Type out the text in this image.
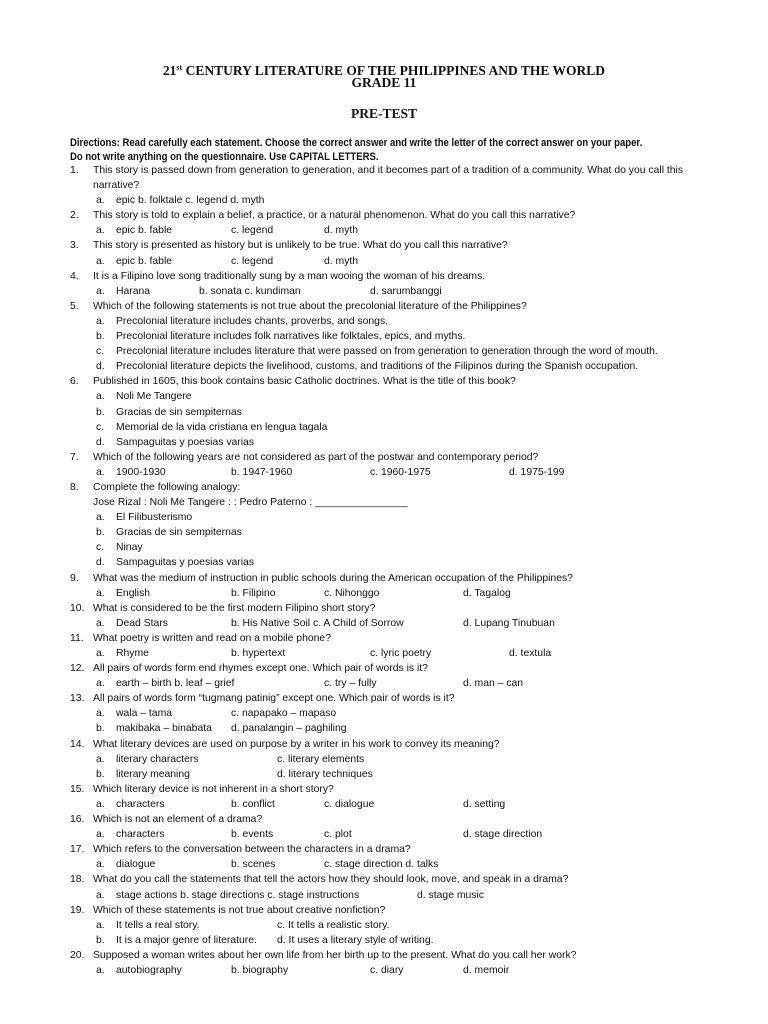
21st CENTURY LITERATURE OF THE PHILIPPINES AND THE WORLD
GRADE 11
PRE-TEST
Directions: Read carefully each statement. Choose the correct answer and write the letter of the correct answer on your paper.
Do not write anything on the questionnaire. Use CAPITAL LETTERS.
1. This story is passed down from generation to generation, and it becomes part of a tradition of a community. What do you call this
narrative?
a. epic b. folktale c. legend d. myth
2. This story is told to explain a belief, a practice, or a natural phenomenon. What do you call this narrative?
a. epic b. fable	c. legend	d. myth
3. This story is presented as history but is unlikely to be true. What do you call this narrative?
a. epic b. fable	c. legend	d. myth
4. It is a Filipino love song traditionally sung by a man wooing the woman of his dreams.
a. Harana	b. sonata c. kundiman	d. sarumbanggi
5. Which of the following statements is not true about the precolonial literature of the Philippines?
a. Precolonial literature includes chants, proverbs, and songs.
b. Precolonial literature includes folk narratives like folktales, epics, and myths.
c. Precolonial literature includes literature that were passed on from generation to generation through the word of mouth.
d. Precolonial literature depicts the livelihood, customs, and traditions of the Filipinos during the Spanish occupation.
6. Published in 1605, this book contains basic Catholic doctrines. What is the title of this book?
a. Noli Me Tangere
b. Gracias de sin sempiternas
c. Memorial de la vida cristiana en lengua tagala
d. Sampaguitas y poesias varias
7. Which of the following years are not considered as part of the postwar and contemporary period?
a. 1900-1930	b. 1947-1960	c. 1960-1975	d. 1975-199
8. Complete the following analogy:
Jose Rizal : Noli Me Tangere : : Pedro Paterno : ________________
a. El Filibusterismo
b. Gracias de sin sempiternas
c. Ninay
d. Sampaguitas y poesias varias
9. What was the medium of instruction in public schools during the American occupation of the Philippines?
a. English	b. Filipino	c. Nihonggo	d. Tagalog
10. What is considered to be the first modern Filipino short story?
a. Dead Stars	b. His Native Soil c. A Child of Sorrow	d. Lupang Tinubuan
11. What poetry is written and read on a mobile phone?
a. Rhyme	b. hypertext	c. lyric poetry	d. textula
12. All pairs of words form end rhymes except one. Which pair of words is it?
a. earth – birth b. leaf – grief	c. try – fully	d. man – can
13. All pairs of words form “tugmang patinig” except one. Which pair of words is it?
a. wala – tama	c. napapako – mapaso
b. makibaka – binabata d. panalangin – paghiling
14. What literary devices are used on purpose by a writer in his work to convey its meaning?
a. literary characters	c. literary elements
b. literary meaning	d. literary techniques
15. Which literary device is not inherent in a short story?
a. characters	b. conflict	c. dialogue	d. setting
16. Which is not an element of a drama?
a. characters	b. events	c. plot	d. stage direction
17. Which refers to the conversation between the characters in a drama?
a. dialogue	b. scenes	c. stage direction d. talks
18. What do you call the statements that tell the actors how they should look, move, and speak in a drama?
a. stage actions b. stage directions c. stage instructions	d. stage music
19. Which of these statements is not true about creative nonfiction?
a. It tells a real story.	c. It tells a realistic story.
b. It is a major genre of literature. d. It uses a literary style of writing.
20. Supposed a woman writes about her own life from her birth up to the present. What do you call her work?
a. autobiography	b. biography	c. diary	d. memoir
